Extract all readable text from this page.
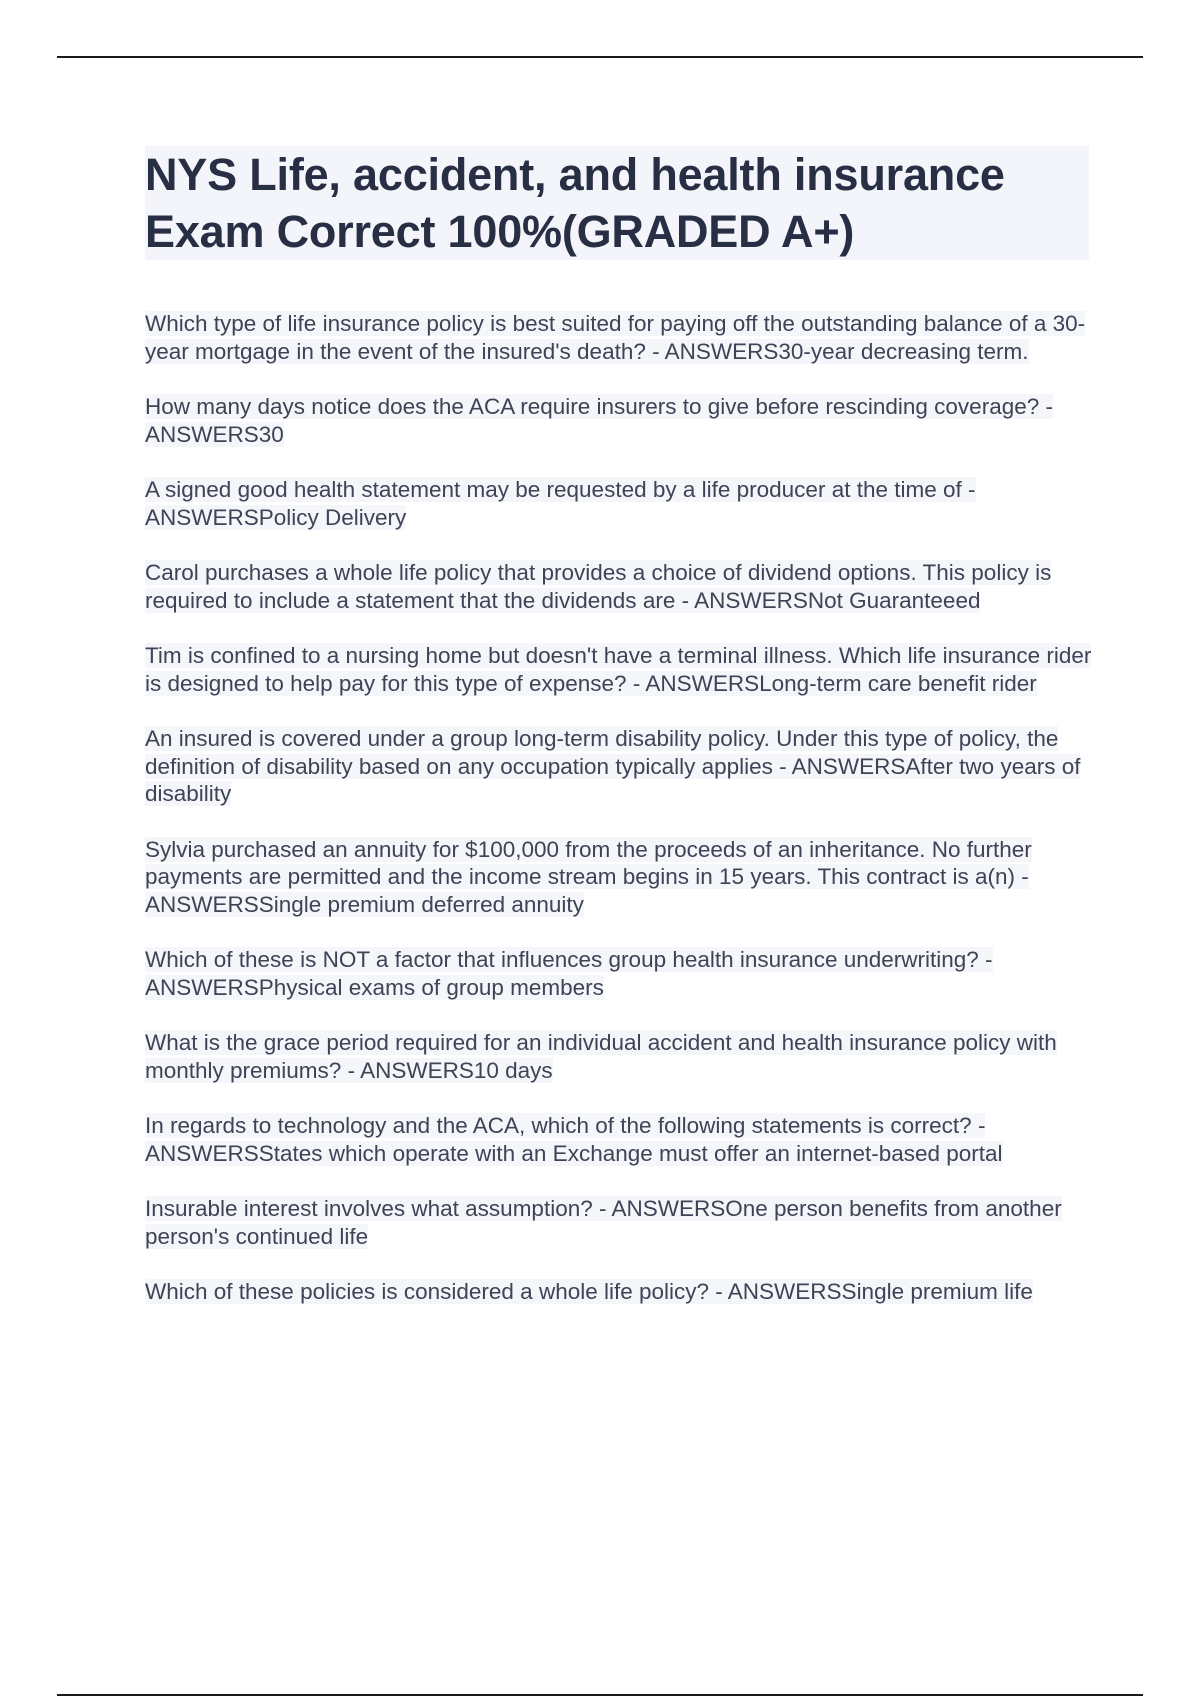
NYS Life, accident, and health insurance Exam Correct 100%(GRADED A+)
Which type of life insurance policy is best suited for paying off the outstanding balance of a 30-year mortgage in the event of the insured's death? - ANSWERS30-year decreasing term.
How many days notice does the ACA require insurers to give before rescinding coverage? - ANSWERS30
A signed good health statement may be requested by a life producer at the time of - ANSWERSPolicy Delivery
Carol purchases a whole life policy that provides a choice of dividend options. This policy is required to include a statement that the dividends are - ANSWERSNot Guaranteeed
Tim is confined to a nursing home but doesn't have a terminal illness. Which life insurance rider is designed to help pay for this type of expense? - ANSWERSLong-term care benefit rider
An insured is covered under a group long-term disability policy. Under this type of policy, the definition of disability based on any occupation typically applies - ANSWERSAfter two years of disability
Sylvia purchased an annuity for $100,000 from the proceeds of an inheritance. No further payments are permitted and the income stream begins in 15 years. This contract is a(n) - ANSWERSSingle premium deferred annuity
Which of these is NOT a factor that influences group health insurance underwriting? - ANSWERSPhysical exams of group members
What is the grace period required for an individual accident and health insurance policy with monthly premiums? - ANSWERS10 days
In regards to technology and the ACA, which of the following statements is correct? - ANSWERSStates which operate with an Exchange must offer an internet-based portal
Insurable interest involves what assumption? - ANSWERSOne person benefits from another person's continued life
Which of these policies is considered a whole life policy? - ANSWERSSingle premium life
